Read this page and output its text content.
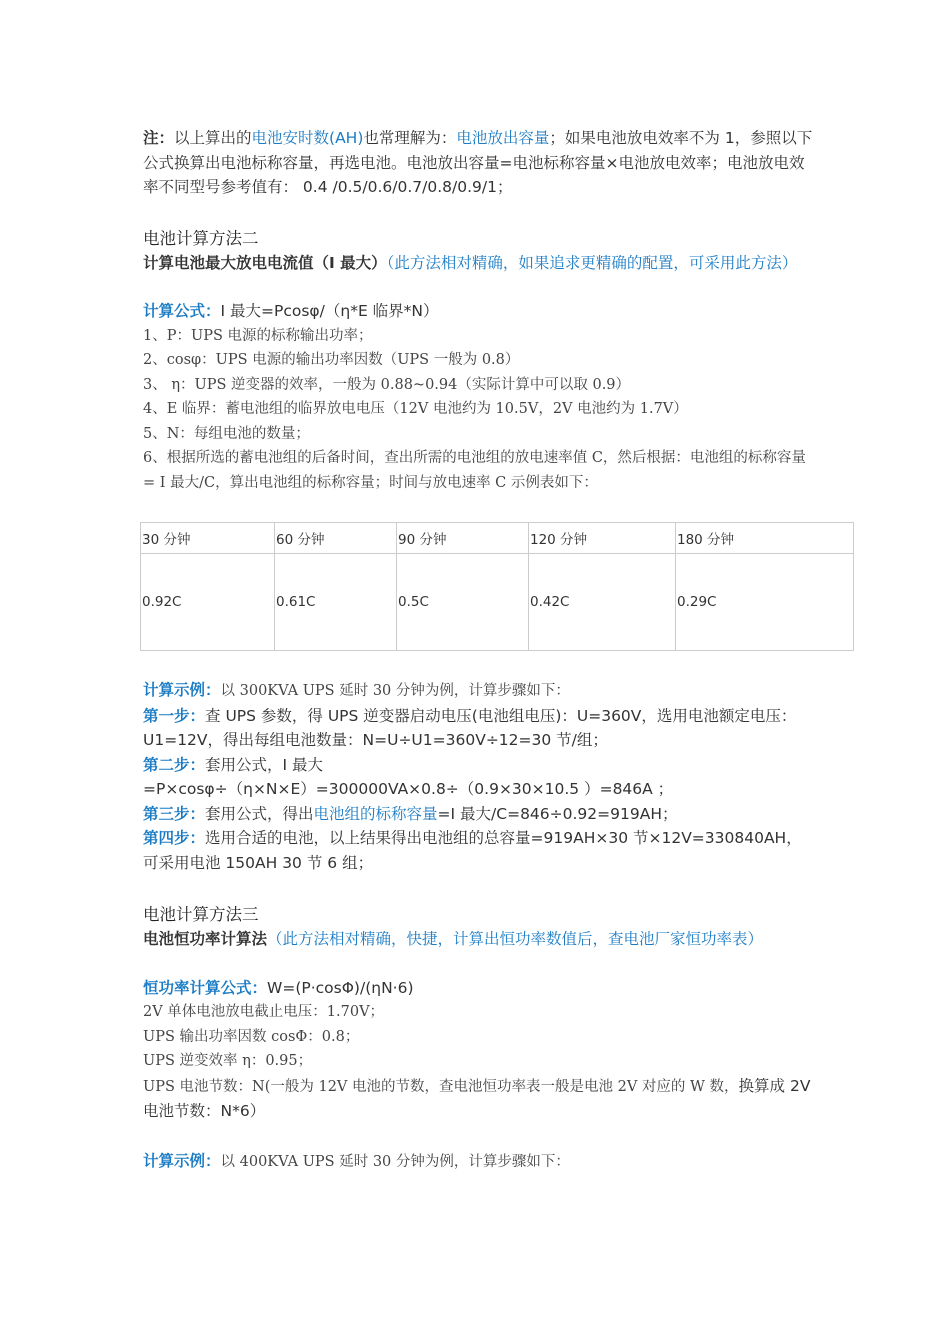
注：以上算出的电池安时数(AH)也常理解为：电池放出容量；如果电池放电效率不为 1，参照以下公式换算出电池标称容量，再选电池。电池放出容量=电池标称容量×电池放电效率；电池放电效率不同型号参考值有： 0.4 /0.5/0.6/0.7/0.8/0.9/1；
电池计算方法二
计算电池最大放电电流值（I 最大）（此方法相对精确，如果追求更精确的配置，可采用此方法）
计算公式：I 最大=Pcosφ/（η*E 临界*N）
1、P：UPS 电源的标称输出功率；
2、cosφ：UPS 电源的输出功率因数（UPS 一般为 0.8）
3、 η：UPS 逆变器的效率，一般为 0.88~0.94（实际计算中可以取 0.9）
4、E 临界：蓄电池组的临界放电电压（12V 电池约为 10.5V，2V 电池约为 1.7V）
5、N：每组电池的数量；
6、根据所选的蓄电池组的后备时间，查出所需的电池组的放电速率值 C，然后根据：电池组的标称容量= I 最大/C，算出电池组的标称容量；时间与放电速率 C 示例表如下：
30 分钟	60 分钟	90 分钟	120 分钟	180 分钟
0.92C	0.61C	0.5C	0.42C	0.29C
计算示例：以 300KVA UPS 延时 30 分钟为例，计算步骤如下：
第一步：查 UPS 参数，得 UPS 逆变器启动电压(电池组电压)：U=360V，选用电池额定电压： U1=12V，得出每组电池数量：N=U÷U1=360V÷12=30 节/组；
第二步：套用公式，I 最大
=P×cosφ÷（η×N×E）=300000VA×0.8÷（0.9×30×10.5 ）=846A ；
第三步：套用公式，得出电池组的标称容量=I 最大/C=846÷0.92=919AH；
第四步：选用合适的电池，以上结果得出电池组的总容量=919AH×30 节×12V=330840AH，可采用电池 150AH 30 节 6 组；
电池计算方法三
电池恒功率计算法（此方法相对精确，快捷，计算出恒功率数值后，查电池厂家恒功率表）
恒功率计算公式：W=(P·cosΦ)/(ηN·6)
2V 单体电池放电截止电压：1.70V；
UPS 输出功率因数 cosΦ：0.8；
UPS 逆变效率 η：0.95；
UPS 电池节数：N(一般为 12V 电池的节数，查电池恒功率表一般是电池 2V 对应的 W 数，换算成 2V 电池节数：N*6）
计算示例：以 400KVA UPS 延时 30 分钟为例，计算步骤如下：
